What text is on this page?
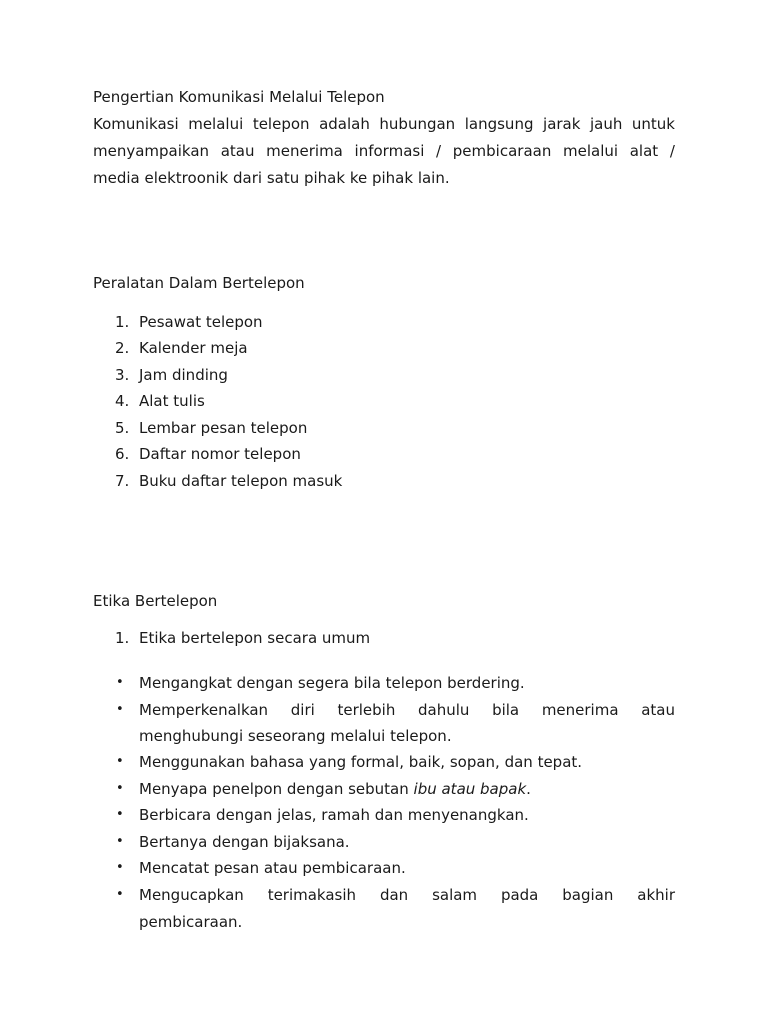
Pengertian Komunikasi Melalui Telepon

Komunikasi melalui telepon adalah hubungan langsung jarak jauh untuk
menyampaikan atau menerima informasi / pembicaraan melalui alat /

media elektroonik dari satu pihak ke pihak lain.

Peralatan Dalam Bertelepon

1. Pesawat telepon
2. Kalender meja
3. Jam dinding
4. Alat tulis
5. Lembar pesan telepon
6. Daftar nomor telepon
7. Buku daftar telepon masuk

Etika Bertelepon

1. Etika bertelepon secara umum
• Mengangkat dengan segera bila telepon berdering.
• Memperkenalkan diri terlebih dahulu bila menerima atau
menghubungi seseorang melalui telepon.
• Menggunakan bahasa yang formal, baik, sopan, dan tepat.
• Menyapa penelpon dengan sebutan ibu atau bapak.
• Berbicara dengan jelas, ramah dan menyenangkan.
• Bertanya dengan bijaksana.
• Mencatat pesan atau pembicaraan.
• Mengucapkan terimakasih dan salam pada bagian akhir
pembicaraan.
